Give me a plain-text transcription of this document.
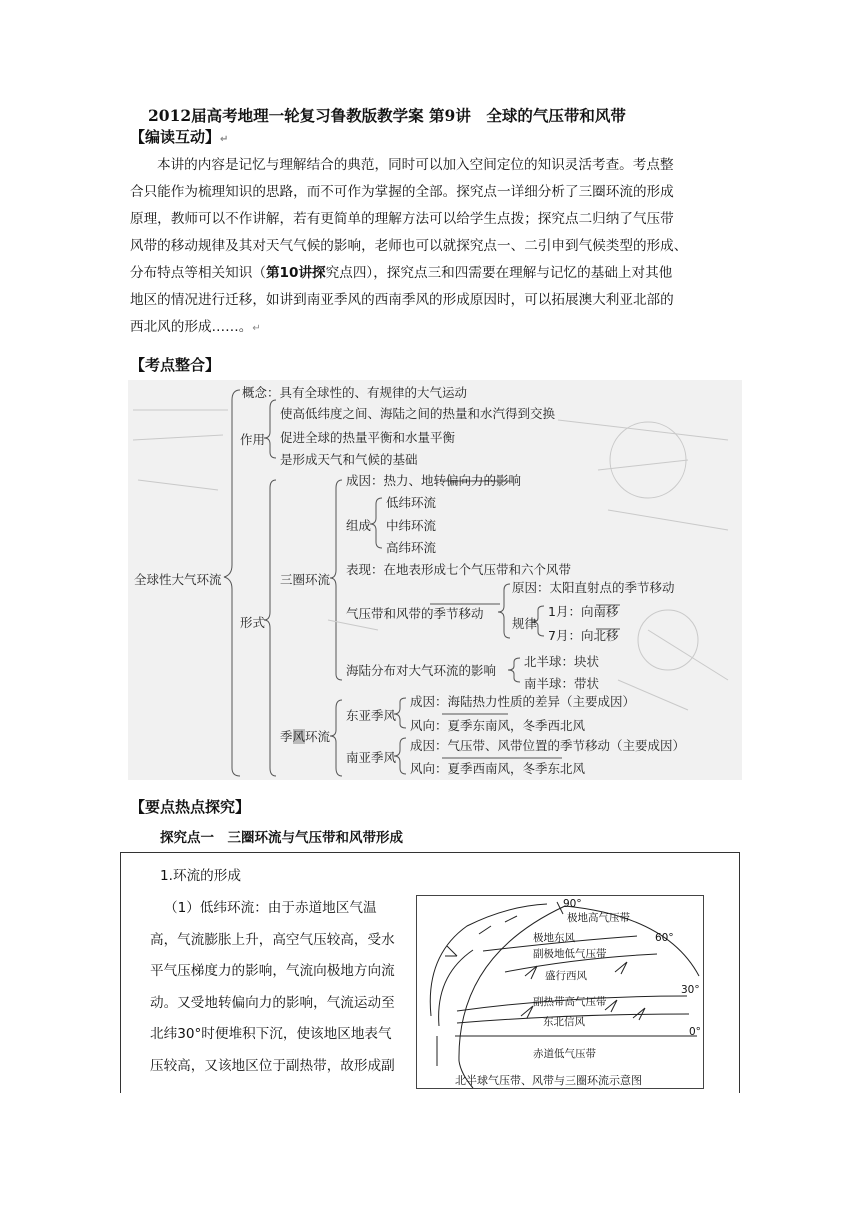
2012届高考地理一轮复习鲁教版教学案 第9讲　全球的气压带和风带
【编读互动】↵

本讲的内容是记忆与理解结合的典范，同时可以加入空间定位的知识灵活考查。考点整

合只能作为梳理知识的思路，而不可作为掌握的全部。探究点一详细分析了三圈环流的形成

原理，教师可以不作讲解，若有更简单的理解方法可以给学生点拨；探究点二归纳了气压带

风带的移动规律及其对天气气候的影响，老师也可以就探究点一、二引申到气候类型的形成、

分布特点等相关知识（第10讲探究点四），探究点三和四需要在理解与记忆的基础上对其他

地区的情况进行迁移，如讲到南亚季风的西南季风的形成原因时，可以拓展澳大利亚北部的

西北风的形成……。↵

【考点整合】
全球性大气环流
概念：具有全球性的、有规律的大气运动
作用
使高低纬度之间、海陆之间的热量和水汽得到交换
促进全球的热量平衡和水量平衡
是形成天气和气候的基础
形式
三圈环流
成因：热力、地转偏向力的影响
组成
低纬环流
中纬环流
高纬环流
表现：在地表形成七个气压带和六个风带
气压带和风带的季节移动
原因：太阳直射点的季节移动
规律
1月：向南移
7月：向北移
海陆分布对大气环流的影响
北半球：块状
南半球：带状
季风环流
东亚季风
成因：海陆热力性质的差异（主要成因）
风向：夏季东南风，冬季西北风
南亚季风
成因：气压带、风带位置的季节移动（主要成因）
风向：夏季西南风，冬季东北风
【要点热点探究】
探究点一　三圈环流与气压带和风带形成
1.环流的形成

（1）低纬环流：由于赤道地区气温

高，气流膨胀上升，高空气压较高，受水

平气压梯度力的影响，气流向极地方向流

动。又受地转偏向力的影响，气流运动至

北纬30°时便堆积下沉，使该地区地表气

压较高，又该地区位于副热带，故形成副

90°
极地高气压带
60°
极地东风
副极地低气压带
盛行西风
30°
副热带高气压带
东北信风
0°
赤道低气压带
北半球气压带、风带与三圈环流示意图
